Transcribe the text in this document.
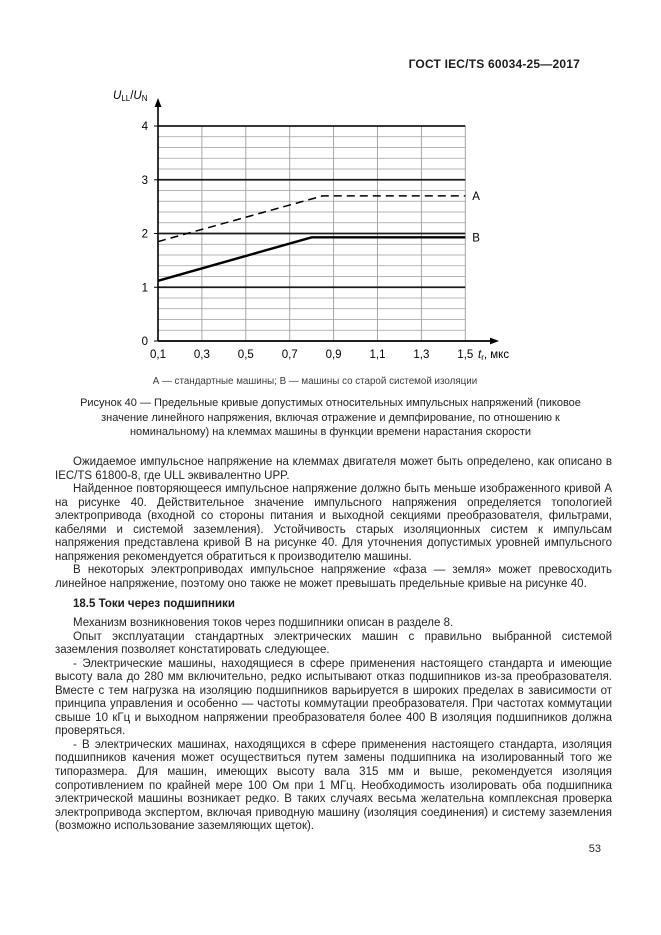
ГОСТ IEC/TS 60034-25—2017
0
1
2
3
4
0,1 0,3 0,5 0,7 0,9 1,1 1,3 1,5 tr, мкс
ULL/UN
A
B
А — стандартные машины; В — машины со старой системой изоляции
Рисунок 40 — Предельные кривые допустимых относительных импульсных напряжений (пиковое значение линейного напряжения, включая отражение и демпфирование, по отношению к номинальному) на клеммах машины в функции времени нарастания скорости

Ожидаемое импульсное напряжение на клеммах двигателя может быть определено, как описано в IEC/TS 61800-8, где ULL эквивалентно UPP.

Найденное повторяющееся импульсное напряжение должно быть меньше изображенного кривой А на рисунке 40. Действительное значение импульсного напряжения определяется топологией электропривода (входной со стороны питания и выходной секциями преобразователя, фильтрами, кабелями и системой заземления). Устойчивость старых изоляционных систем к импульсам напряжения представлена кривой В на рисунке 40. Для уточнения допустимых уровней импульсного напряжения рекомендуется обратиться к производителю машины.

В некоторых электроприводах импульсное напряжение «фаза — земля» может превосходить линейное напряжение, поэтому оно также не может превышать предельные кривые на рисунке 40.

18.5 Токи через подшипники

Механизм возникновения токов через подшипники описан в разделе 8.

Опыт эксплуатации стандартных электрических машин с правильно выбранной системой заземления позволяет констатировать следующее.

- Электрические машины, находящиеся в сфере применения настоящего стандарта и имеющие высоту вала до 280 мм включительно, редко испытывают отказ подшипников из-за преобразователя. Вместе с тем нагрузка на изоляцию подшипников варьируется в широких пределах в зависимости от принципа управления и особенно — частоты коммутации преобразователя. При частотах коммутации свыше 10 кГц и выходном напряжении преобразователя более 400 В изоляция подшипников должна проверяться.

- В электрических машинах, находящихся в сфере применения настоящего стандарта, изоляция подшипников качения может осуществиться путем замены подшипника на изолированный того же типоразмера. Для машин, имеющих высоту вала 315 мм и выше, рекомендуется изоляция сопротивлением по крайней мере 100 Ом при 1 МГц. Необходимость изолировать оба подшипника электрической машины возникает редко. В таких случаях весьма желательна комплексная проверка электропривода экспертом, включая приводную машину (изоляция соединения) и систему заземления (возможно использование заземляющих щеток).

53
